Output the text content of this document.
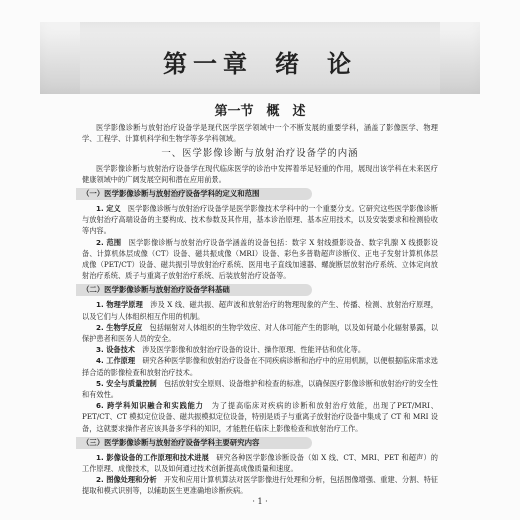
第一章 绪 论
第一节　概　述

医学影像诊断与放射治疗设备学是现代医学医学领域中一个不断发展的重要学科，涵盖了影像医学、物理学、工程学、计算机科学和生物学等多学科领域。

一、医学影像诊断与放射治疗设备学的内涵

医学影像诊断与放射治疗设备学在现代临床医学的诊治中发挥着举足轻重的作用，展现出该学科在未来医疗健康领域中的广阔发展空间和潜在应用前景。

（一）医学影像诊断与放射治疗设备学科的定义和范围

1. 定义　 医学影像诊断与放射治疗设备学是医学影像技术学科中的一个重要分支。它研究这些医学影像诊断与放射治疗高端设备的主要构成、技术参数及其作用，基本诊治原理、基本应用技术，以及安装要求和检测验收等内容。

2. 范围　 医学影像诊断与放射治疗设备学涵盖的设备包括：数字 X 射线摄影设备、数字乳腺 X 线摄影设备、计算机体层成像（CT）设备、磁共振成像（MRI）设备、彩色多普勒超声诊断仪、正电子发射计算机体层成像（PET/CT）设备、磁共振引导放射治疗系统、医用电子直线加速器、螺旋断层放射治疗系统、立体定向放射治疗系统、质子与重离子放射治疗系统、后装放射治疗设备等。

（二）医学影像诊断与放射治疗设备学科基础

1. 物理学原理　 涉及 X 线、磁共振、超声波和放射治疗的物理现象的产生、传播、检测、放射治疗原理，以及它们与人体组织相互作用的机制。

2. 生物学反应　 包括辐射对人体组织的生物学效应、对人体可能产生的影响，以及如何最小化辐射暴露，以保护患者和医务人员的安全。

3. 设备技术　 涉及医学影像和放射治疗设备的设计、操作原理、性能评估和优化等。

4. 工作原理　 研究各种医学影像和放射治疗设备在不同疾病诊断和治疗中的应用机制，以便根据临床需求选择合适的影像检查和放射治疗技术。

5. 安全与质量控制　 包括放射安全原则、设备维护和检查的标准，以确保医疗影像诊断和放射治疗的安全性和有效性。

6. 跨学科知识融合和实践能力　 为了提高临床对疾病的诊断和放射治疗效能，出现了PET/MRI、PET/CT、CT 模拟定位设备、磁共振模拟定位设备，特别是质子与重离子放射治疗设备中集成了 CT 和 MRI 设备，这就要求操作者应该具备多学科的知识，才能胜任临床上影像检查和放射治疗工作。

（三）医学影像诊断与放射治疗设备学科主要研究内容

1. 影像设备的工作原理和技术进展　 研究各种医学影像诊断设备（如 X 线、CT、MRI、PET 和超声）的工作原理、成像技术，以及如何通过技术创新提高成像质量和速度。

2. 图像处理和分析　 开发和应用计算机算法对医学影像进行处理和分析，包括图像增强、重建、分割、特征提取和模式识别等，以辅助医生更准确地诊断疾病。

· 1 ·
